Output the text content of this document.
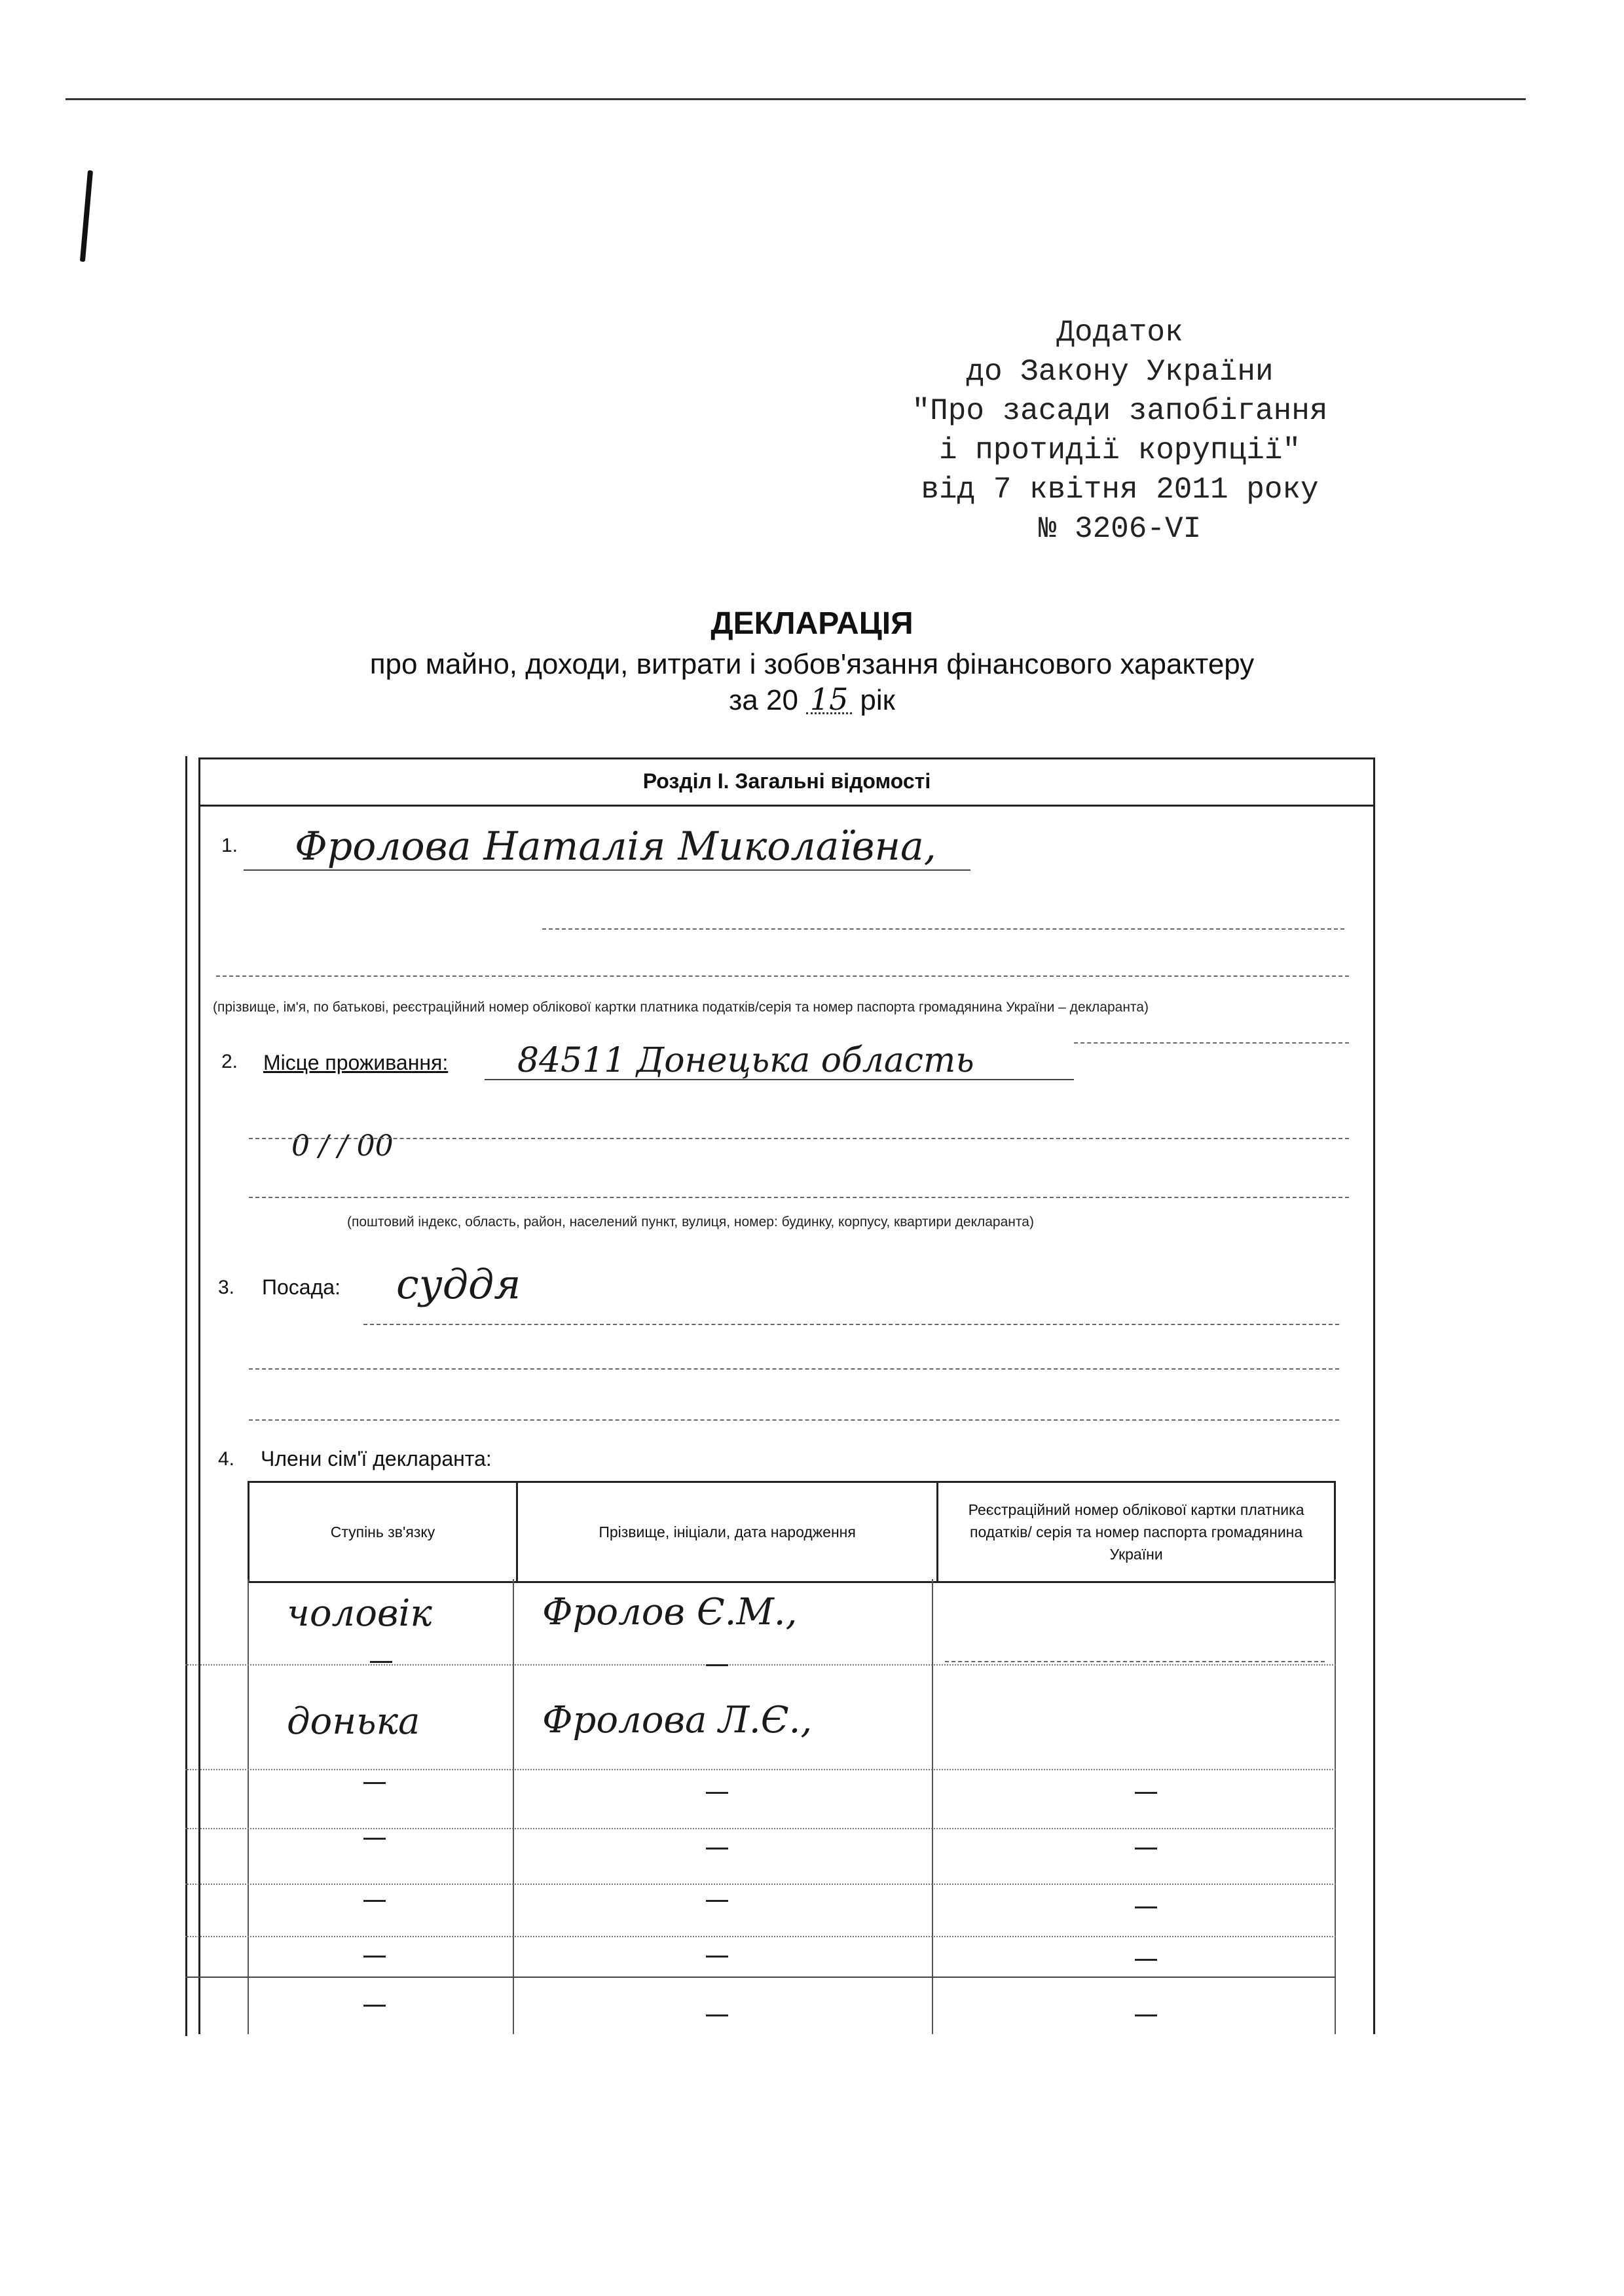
Додаток
до Закону України
"Про засади запобігання
і протидії корупції"
від 7 квітня 2011 року
№ 3206-VI
ДЕКЛАРАЦІЯ
про майно, доходи, витрати і зобов'язання фінансового характеру
за 20 15 рік
Розділ І. Загальні відомості
1. Фролова Наталія Миколаївна,
(прізвище, ім'я, по батькові, реєстраційний номер облікової картки платника податків/серія та номер паспорта громадянина України – декларанта)
2. Місце проживання: 84511 Донецька область
0 / / 00
(поштовий індекс, область, район, населений пункт, вулиця, номер: будинку, корпусу, квартири декларанта)
3. Посада: суддя
4. Члени сім'ї декларанта:
Ступінь зв'язку	Прізвище, ініціали, дата народження	Реєстраційний номер облікової картки платника податків/ серія та номер паспорта громадянина України
чоловік	Фролов Є.М.,
донька	Фролова Л.Є.,
